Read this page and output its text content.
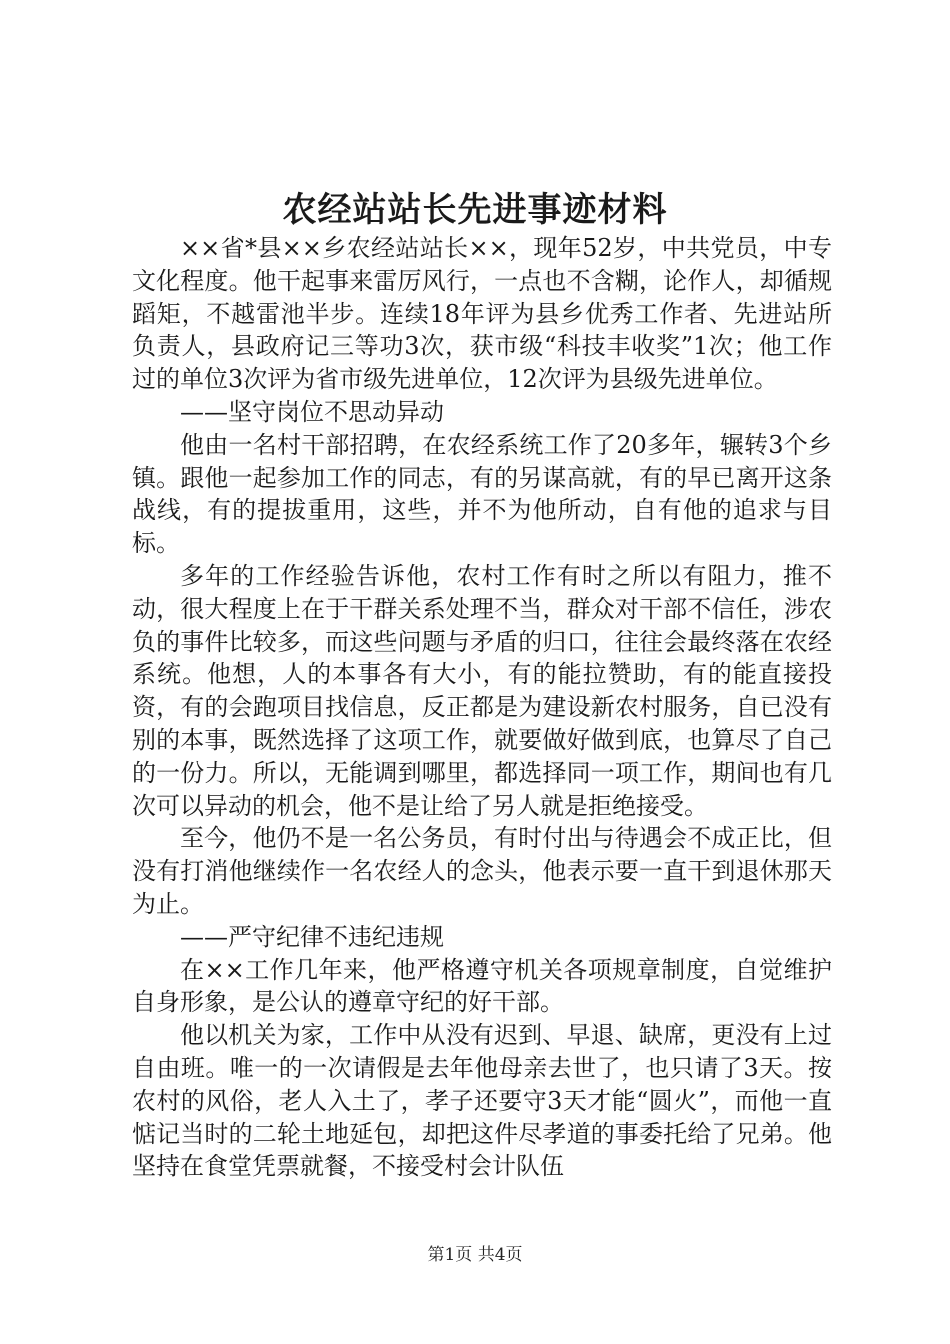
农经站站长先进事迹材料

××省*县××乡农经站站长××，现年52岁，中共党员，中专文化程度。他干起事来雷厉风行，一点也不含糊，论作人，却循规蹈矩，不越雷池半步。连续18年评为县乡优秀工作者、先进站所负责人，县政府记三等功3次，获市级“科技丰收奖”1次；他工作过的单位3次评为省市级先进单位，12次评为县级先进单位。

——坚守岗位不思动异动

他由一名村干部招聘，在农经系统工作了20多年，辗转3个乡镇。跟他一起参加工作的同志，有的另谋高就，有的早已离开这条战线，有的提拔重用，这些，并不为他所动，自有他的追求与目标。

多年的工作经验告诉他，农村工作有时之所以有阻力，推不动，很大程度上在于干群关系处理不当，群众对干部不信任，涉农负的事件比较多，而这些问题与矛盾的归口，往往会最终落在农经系统。他想，人的本事各有大小，有的能拉赞助，有的能直接投资，有的会跑项目找信息，反正都是为建设新农村服务，自已没有别的本事，既然选择了这项工作，就要做好做到底，也算尽了自己的一份力。所以，无能调到哪里，都选择同一项工作，期间也有几次可以异动的机会，他不是让给了另人就是拒绝接受。

至今，他仍不是一名公务员，有时付出与待遇会不成正比，但没有打消他继续作一名农经人的念头，他表示要一直干到退休那天为止。

——严守纪律不违纪违规

在××工作几年来，他严格遵守机关各项规章制度，自觉维护自身形象，是公认的遵章守纪的好干部。

他以机关为家，工作中从没有迟到、早退、缺席，更没有上过自由班。唯一的一次请假是去年他母亲去世了，也只请了3天。按农村的风俗，老人入土了，孝子还要守3天才能“圆火”，而他一直惦记当时的二轮土地延包，却把这件尽孝道的事委托给了兄弟。他坚持在食堂凭票就餐，不接受村会计队伍

第1页 共4页
